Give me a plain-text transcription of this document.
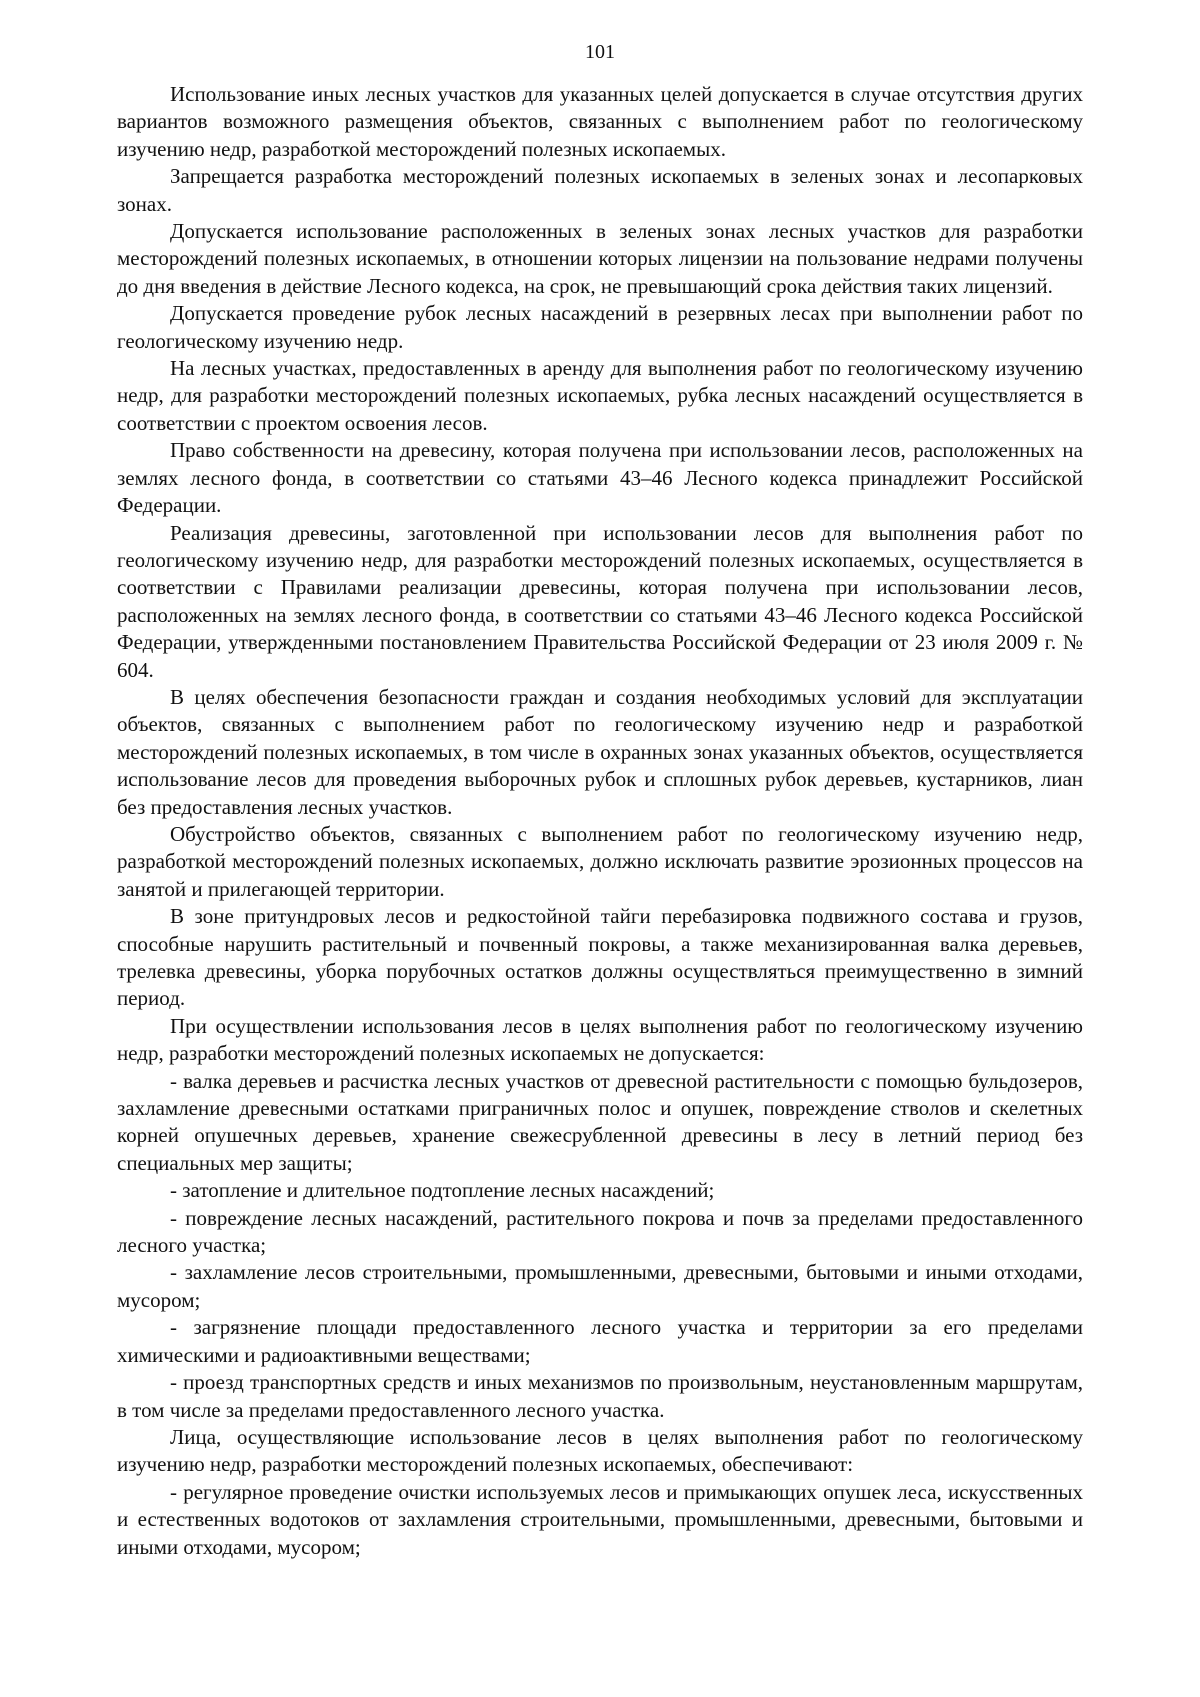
101

Использование иных лесных участков для указанных целей допускается в случае отсутствия других вариантов возможного размещения объектов, связанных с выполнением работ по геологическому изучению недр, разработкой месторождений полезных ископаемых.

Запрещается разработка месторождений полезных ископаемых в зеленых зонах и лесопарковых зонах.

Допускается использование расположенных в зеленых зонах лесных участков для разработки месторождений полезных ископаемых, в отношении которых лицензии на пользование недрами получены до дня введения в действие Лесного кодекса, на срок, не превышающий срока действия таких лицензий.

Допускается проведение рубок лесных насаждений в резервных лесах при выполнении работ по геологическому изучению недр.

На лесных участках, предоставленных в аренду для выполнения работ по геологическому изучению недр, для разработки месторождений полезных ископаемых, рубка лесных насаждений осуществляется в соответствии с проектом освоения лесов.

Право собственности на древесину, которая получена при использовании лесов, расположенных на землях лесного фонда, в соответствии со статьями 43–46 Лесного кодекса принадлежит Российской Федерации.

Реализация древесины, заготовленной при использовании лесов для выполнения работ по геологическому изучению недр, для разработки месторождений полезных ископаемых, осуществляется в соответствии с Правилами реализации древесины, которая получена при использовании лесов, расположенных на землях лесного фонда, в соответствии со статьями 43–46 Лесного кодекса Российской Федерации, утвержденными постановлением Правительства Российской Федерации от 23 июля 2009 г. № 604.

В целях обеспечения безопасности граждан и создания необходимых условий для эксплуатации объектов, связанных с выполнением работ по геологическому изучению недр и разработкой месторождений полезных ископаемых, в том числе в охранных зонах указанных объектов, осуществляется использование лесов для проведения выборочных рубок и сплошных рубок деревьев, кустарников, лиан без предоставления лесных участков.

Обустройство объектов, связанных с выполнением работ по геологическому изучению недр, разработкой месторождений полезных ископаемых, должно исключать развитие эрозионных процессов на занятой и прилегающей территории.

В зоне притундровых лесов и редкостойной тайги перебазировка подвижного состава и грузов, способные нарушить растительный и почвенный покровы, а также механизированная валка деревьев, трелевка древесины, уборка порубочных остатков должны осуществляться преимущественно в зимний период.

При осуществлении использования лесов в целях выполнения работ по геологическому изучению недр, разработки месторождений полезных ископаемых не допускается:

- валка деревьев и расчистка лесных участков от древесной растительности с помощью бульдозеров, захламление древесными остатками приграничных полос и опушек, повреждение стволов и скелетных корней опушечных деревьев, хранение свежесрубленной древесины в лесу в летний период без специальных мер защиты;

- затопление и длительное подтопление лесных насаждений;

- повреждение лесных насаждений, растительного покрова и почв за пределами предоставленного лесного участка;

- захламление лесов строительными, промышленными, древесными, бытовыми и иными отходами, мусором;

- загрязнение площади предоставленного лесного участка и территории за его пределами химическими и радиоактивными веществами;

- проезд транспортных средств и иных механизмов по произвольным, неустановленным маршрутам, в том числе за пределами предоставленного лесного участка.

Лица, осуществляющие использование лесов в целях выполнения работ по геологическому изучению недр, разработки месторождений полезных ископаемых, обеспечивают:

- регулярное проведение очистки используемых лесов и примыкающих опушек леса, искусственных и естественных водотоков от захламления строительными, промышленными, древесными, бытовыми и иными отходами, мусором;
